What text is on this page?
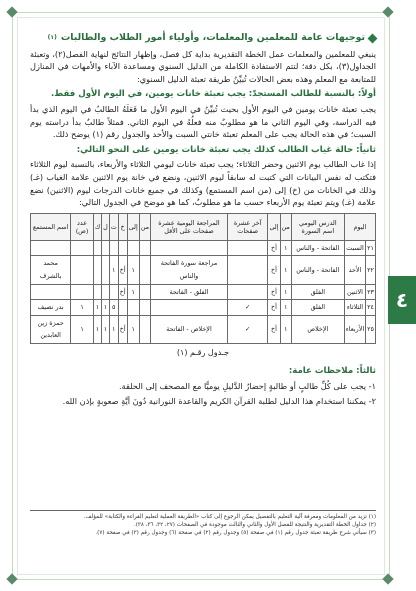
٤
توجيهات عامة للمعلمين والمعلمات، وأولياء أمور الطلاب والطالبات
(١)

ينبغي للمعلمين والمعلمات عمل الخطة التقديرية بداية كل فصل، وإظهار النتائج لنهاية الفصل(٢)، وتعبئة الجداول(٣)، بكل دقة؛ لتتم الاستفادة الكاملة من الدليل السنوي ومساعدة الآباء والأمهات في المنازل للمتابعة مع المعلم وهذه بعض الحالات تُبيِّنُ طريقة تعبئة الدليل السنوي:

أولاً: بالنسبة للطالب المستجدّ: يجب تعبئة خانات يومين، في اليوم الأول فقط.

يجب تعبئة خانات يومين في اليوم الأول بحيث تُبيِّنُ في اليوم الأول ما فَعَلَهُ الطالبُ في اليوم الذي بدأ فيه الدراسة، وفي اليوم الثاني ما هو مطلوبٌ منه فعلُهُ في اليوم الثاني. فمثلاً طالبٌ بدأ دراسته يوم السبت؛ في هذه الحالة يجب على المعلم تعبئة خانتي السبت والأحد والجدول رقم (١) يوضح ذلك.

ثانياً: حالة غياب الطالب كذلك يجب تعبئة خانات يومين على النحو التالي:

إذا غاب الطالب يوم الاثنين وحضر الثلاثاء؛ يجب تعبئة خانات ليومي الثلاثاء والأربعاء، بالنسبة ليوم الثلاثاء فتكتب له نفس البيانات التي كتبت له سابقاً ليوم الاثنين، ونضع في خانة يوم الاثنين علامة الغياب (غـ) وذلك في الخانات من (خ) إلى (من اسم المستمع) وكذلك في جميع خانات الدرجات ليوم (الاثنين) نضع علامة (غـ) ويتم تعبئة يوم الأربعاء حسب ما هو مطلوبٌ، كما هو موضح في الجدول التالي:

اليوم		الدرس اليومي اسم السورة	من	إلى	آخر عشرة صفحات	المراجعة اليومية عشرة صفحات على الأقل	من	إلى	خ	ت	ل	ك	عدد (ص)	اسم المستمع
٢١	السبت	الفاتحة - والناس	١	أخ										
٢٢	الأحد	الفاتحة - والناس	١	أخ		مراجعة سورة الفاتحة والناس		١	أخ	١				محمد بالشرف
٢٣	الاثنين	الفلق	١	أخ		الفلق - الفاتحة		١	أخ					
٢٤	الثلاثاء	الفلق	١	أخ	✓					٥	١	١	١	بدر نصيف
٢٥	الأربعاء	الإخلاص	١	أخ	✓	الإخلاص - الفاتحة		١	أخ	١	١	١	١	حمزة زين العابدين
جـدول رقـم (١)
ثالثاً: ملاحظات عامة:
١- يجب على كُلِّ طالبٍ أو طالبةٍ إحضارُ الدَّليلِ يوميًّا مع المصحف إلى الحلقة.
٢- يمكننا استخدام هذا الدليل لطلبة القرآن الكريم والقاعدة النورانية دُونَ أيَّةِ صعوبةٍ بإذن الله.
(١) تزيد من المعلومات ومعرفة آلية التعليم بالتفصيل يمكن الرجوع إلى كتاب «الطريقة العملية لتعليم القراءة والكتابة» للمؤلف.
(٢) جداول الخطة التقديرية والنتيجة للفصل الأول والثاني والثالث موجودة في الصفحات (٢٧، ٣٢، ٣٦، ٣٨).
(٣) سيأتي شرح طريقة تعبئة جدول رقم (١) في صفحة (٥) وجدول رقم (٢) في صفحة (٦) وجدول رقم (٣) في صفحة (٧).
